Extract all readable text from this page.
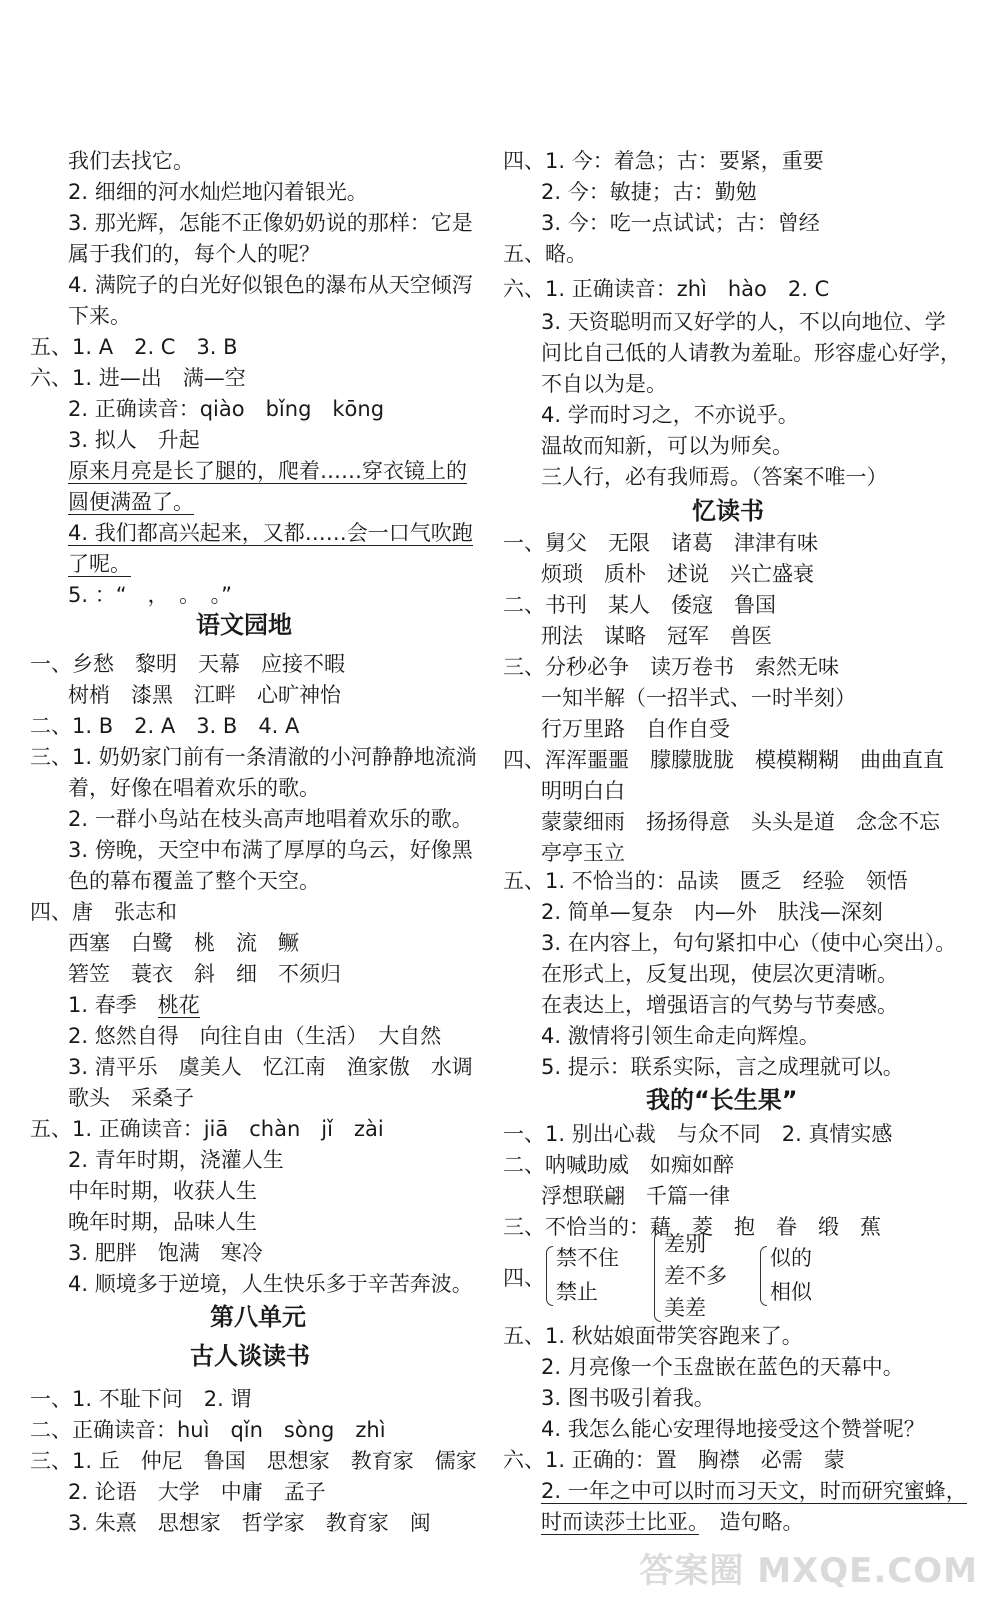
我们去找它。
2. 细细的河水灿烂地闪着银光。
3. 那光辉，怎能不正像奶奶说的那样：它是
属于我们的，每个人的呢？
4. 满院子的白光好似银色的瀑布从天空倾泻
下来。
五、1. A　2. C　3. B
六、1. 进—出　满—空
2. 正确读音：qiào　bǐng　kōng
3. 拟人　升起
原来月亮是长了腿的，爬着……穿衣镜上的
圆便满盈了。
4. 我们都高兴起来，又都……会一口气吹跑
了呢。
5. ：“　，　。　。”
一、乡愁　黎明　天幕　应接不暇
树梢　漆黑　江畔　心旷神怡
二、1. B　2. A　3. B　4. A
三、1. 奶奶家门前有一条清澈的小河静静地流淌
着，好像在唱着欢乐的歌。
2. 一群小鸟站在枝头高声地唱着欢乐的歌。
3. 傍晚，天空中布满了厚厚的乌云，好像黑
色的幕布覆盖了整个天空。
四、唐　张志和
西塞　白鹭　桃　流　鳜
箬笠　蓑衣　斜　细　不须归
1. 春季　桃花
2. 悠然自得　向往自由（生活）　大自然
3. 清平乐　虞美人　忆江南　渔家傲　水调
歌头　采桑子
五、1. 正确读音：jiā　chàn　jǐ　zài
2. 青年时期，浇灌人生
中年时期，收获人生
晚年时期，品味人生
3. 肥胖　饱满　寒冷
4. 顺境多于逆境，人生快乐多于辛苦奔波。
一、1. 不耻下问　2. 谓
二、正确读音：huì　qǐn　sòng　zhì
三、1. 丘　仲尼　鲁国　思想家　教育家　儒家
2. 论语　大学　中庸　孟子
3. 朱熹　思想家　哲学家　教育家　闽
语文园地
第八单元
古人谈读书
四、1. 今：着急；古：要紧，重要
2. 今：敏捷；古：勤勉
3. 今：吃一点试试；古：曾经
五、略。
六、1. 正确读音：zhì　hào　2. C
3. 天资聪明而又好学的人，不以向地位、学
问比自己低的人请教为羞耻。形容虚心好学，
不自以为是。
4. 学而时习之，不亦说乎。
温故而知新，可以为师矣。
三人行，必有我师焉。（答案不唯一）
一、舅父　无限　诸葛　津津有味
烦琐　质朴　述说　兴亡盛衰
二、书刊　某人　倭寇　鲁国
刑法　谋略　冠军　兽医
三、分秒必争　读万卷书　索然无味
一知半解（一招半式、一时半刻）
行万里路　自作自受
四、浑浑噩噩　朦朦胧胧　模模糊糊　曲曲直直
明明白白
蒙蒙细雨　扬扬得意　头头是道　念念不忘
亭亭玉立
五、1. 不恰当的：品读　匮乏　经验　领悟
2. 简单—复杂　内—外　肤浅—深刻
3. 在内容上，句句紧扣中心（使中心突出）。
在形式上，反复出现，使层次更清晰。
在表达上，增强语言的气势与节奏感。
4. 激情将引领生命走向辉煌。
5. 提示：联系实际，言之成理就可以。
一、1. 别出心裁　与众不同　2. 真情实感
二、呐喊助威　如痴如醉
浮想联翩　千篇一律
三、不恰当的：藉　菱　抱　眷　缎　蕉
五、1. 秋姑娘面带笑容跑来了。
2. 月亮像一个玉盘嵌在蓝色的天幕中。
3. 图书吸引着我。
4. 我怎么能心安理得地接受这个赞誉呢？
六、1. 正确的：置　胸襟　必需　蒙
2. 一年之中可以时而习天文，时而研究蜜蜂，
时而读莎士比亚。　造句略。
忆读书
我的“长生果”
四、
禁不住
禁止
差别
差不多
美差
似的
相似
答案圈 MXQE.COM
